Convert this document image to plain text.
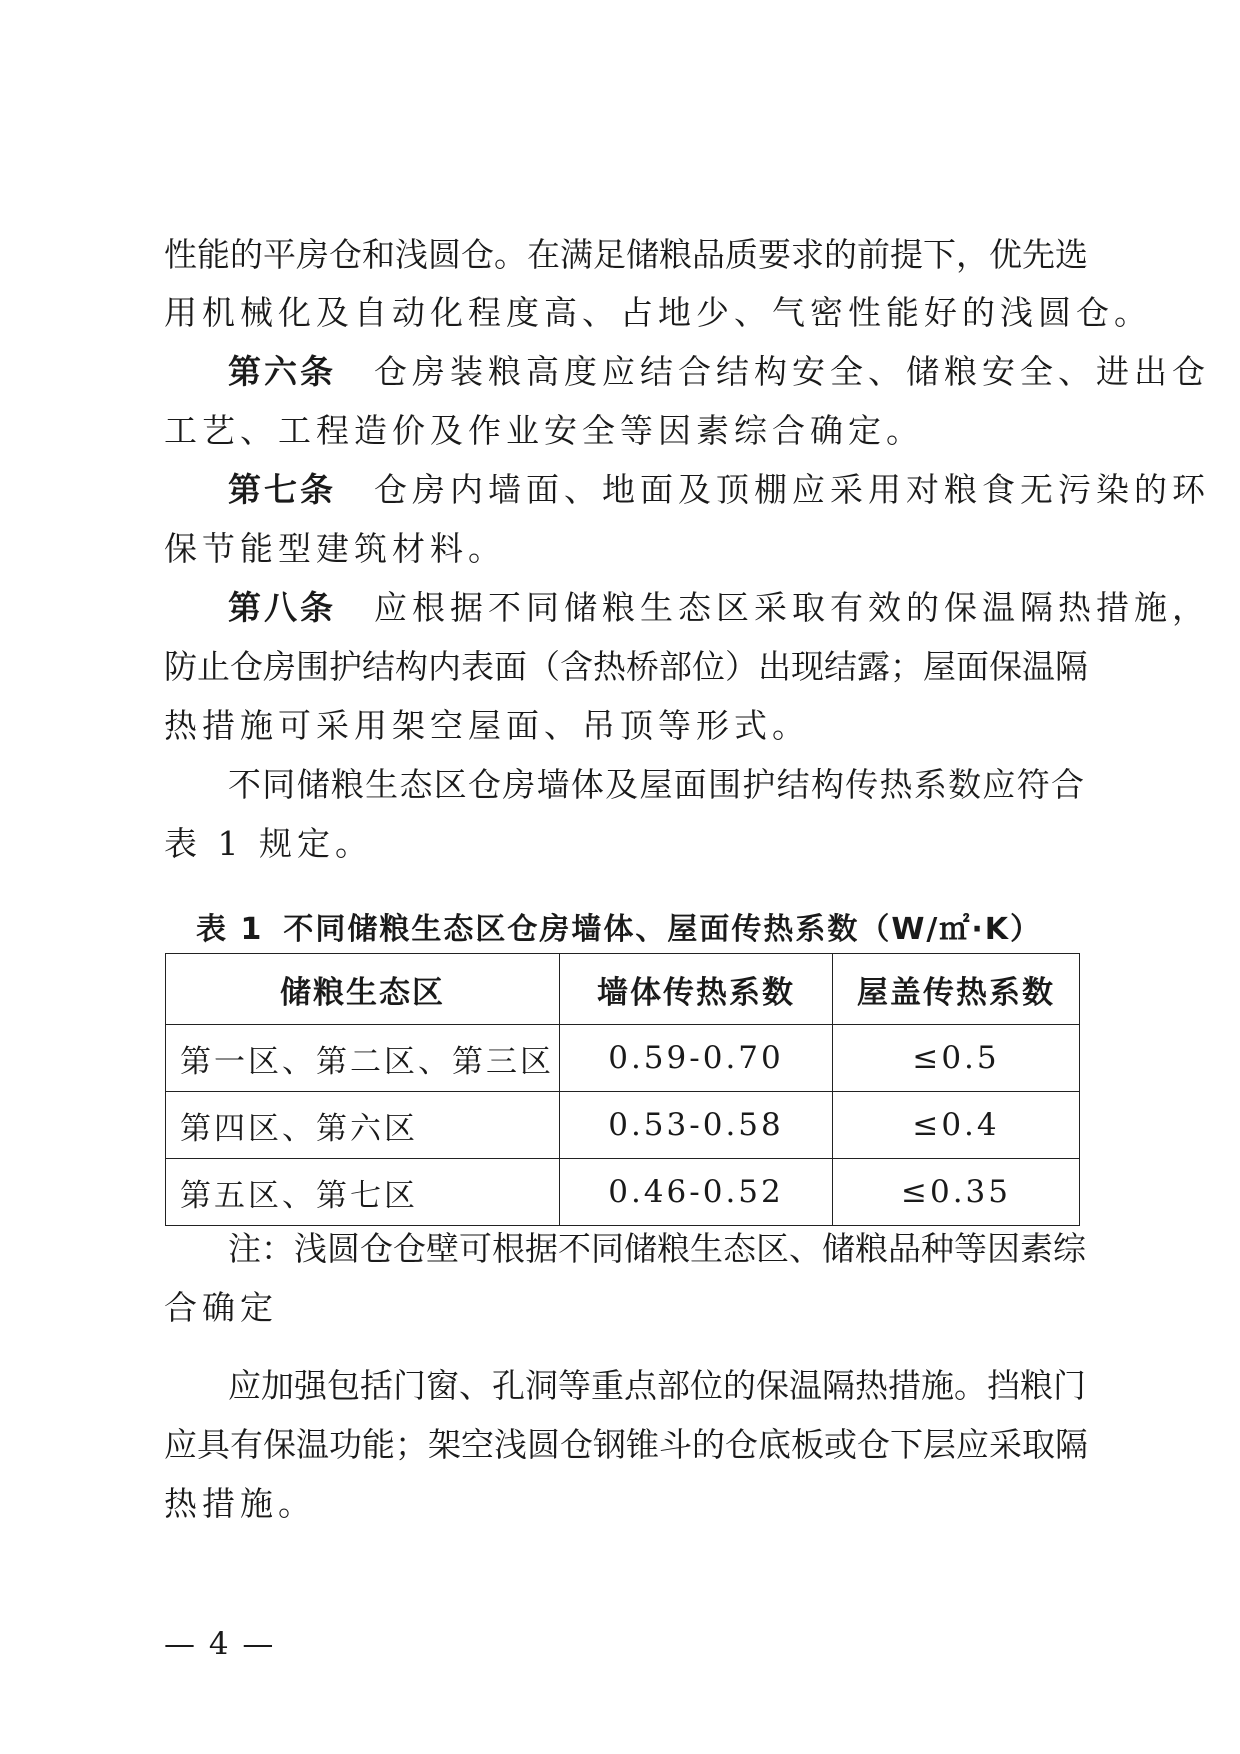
性能的平房仓和浅圆仓。在满足储粮品质要求的前提下，优先选
用机械化及自动化程度高、占地少、气密性能好的浅圆仓。
第六条 仓房装粮高度应结合结构安全、储粮安全、进出仓
工艺、工程造价及作业安全等因素综合确定。
第七条 仓房内墙面、地面及顶棚应采用对粮食无污染的环
保节能型建筑材料。
第八条 应根据不同储粮生态区采取有效的保温隔热措施，
防止仓房围护结构内表面（含热桥部位）出现结露；屋面保温隔
热措施可采用架空屋面、吊顶等形式。
不同储粮生态区仓房墙体及屋面围护结构传热系数应符合
表 1 规定。
表 1 不同储粮生态区仓房墙体、屋面传热系数（W/㎡·K）
储粮生态区	墙体传热系数	屋盖传热系数
第一区、第二区、第三区	0.59-0.70	≤0.5
第四区、第六区	0.53-0.58	≤0.4
第五区、第七区	0.46-0.52	≤0.35
注：浅圆仓仓壁可根据不同储粮生态区、储粮品种等因素综
合确定
应加强包括门窗、孔洞等重点部位的保温隔热措施。挡粮门
应具有保温功能；架空浅圆仓钢锥斗的仓底板或仓下层应采取隔
热措施。
— 4 —
